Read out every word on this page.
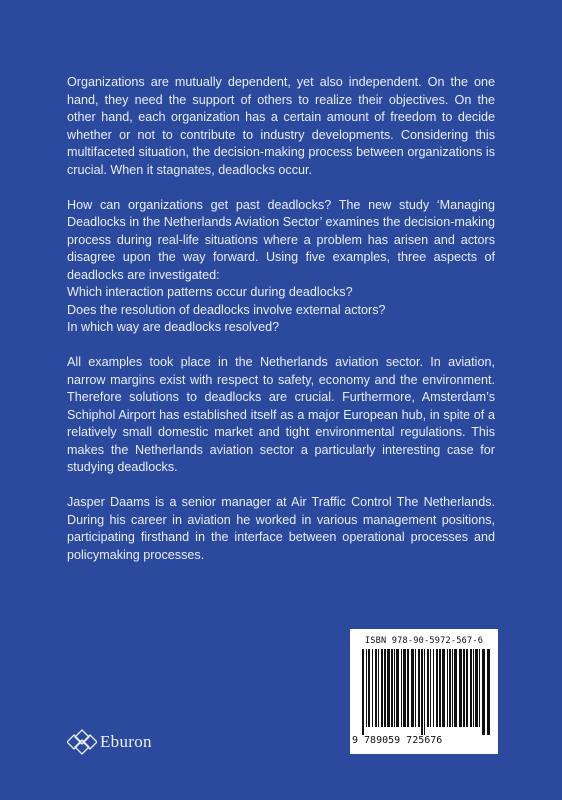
Organizations are mutually dependent, yet also independent. On the one hand, they need the support of others to realize their objectives. On the other hand, each organization has a certain amount of freedom to decide whether or not to contribute to industry developments. Considering this multifaceted situation, the decision-making process between organizations is crucial. When it stagnates, deadlocks occur.

How can organizations get past deadlocks? The new study ‘Managing Deadlocks in the Netherlands Aviation Sector’ examines the decision-making process during real-life situations where a problem has arisen and actors disagree upon the way forward. Using five examples, three aspects of deadlocks are investigated:

Which interaction patterns occur during deadlocks?
Does the resolution of deadlocks involve external actors?
In which way are deadlocks resolved?

All examples took place in the Netherlands aviation sector. In aviation, narrow margins exist with respect to safety, economy and the environment. Therefore solutions to deadlocks are crucial. Furthermore, Amsterdam’s Schiphol Airport has established itself as a major European hub, in spite of a relatively small domestic market and tight environmental regulations. This makes the Netherlands aviation sector a particularly interesting case for studying deadlocks.

Jasper Daams is a senior manager at Air Traffic Control The Netherlands. During his career in aviation he worked in various management positions, participating firsthand in the interface between operational processes and policymaking processes.

ISBN 978-90-5972-567-6
9 789059 725676
Eburon
